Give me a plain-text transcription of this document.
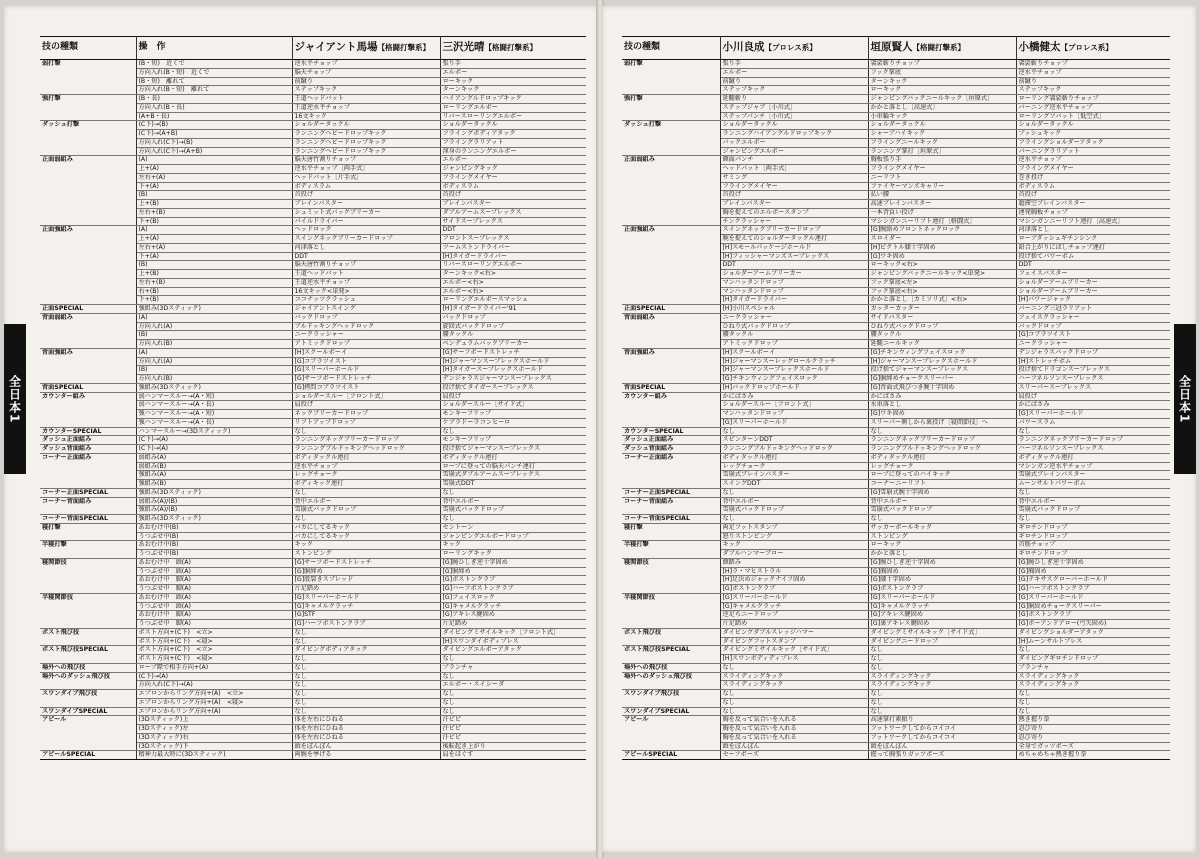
技の種類	操　作	ジャイアント馬場【格闘打撃系】	三沢光晴【格闘打撃系】
弱打撃	(B・短)　近くで	逆水平チョップ	張り手
	方向入れ(B・短)　近くで	脳天チョップ	エルボー
	(B・短)　離れて	前蹴り	ローキック
	方向入れ(B・短)　離れて	ステップキック	ターンキック
強打撃	(B・長)	王道ヘッドバット	ハイアングルドロップキック
	方向入れ(B・長)	王道逆水平チョップ	ローリングエルボー
	(A+B・長)	16文キック	リバースローリングエルボー
ダッシュ打撃	(C下)→(B)	ショルダータックル	ショルダータックル
	(C下)→(A+B)	ランニングヘビードロップキック	フライングボディアタック
	方向入れ(C下)→(B)	ランニングヘビードロップキック	フライングラリアット
	方向入れ(C下)→(A+B)	ランニングヘビードロップキック	渾身のランニングエルボー
正面弱組み	(A)	脳天唐竹割りチョップ	エルボー
	上+(A)	逆水平チョップ［両手式］	ジャンピングキック
	左右+(A)	ヘッドバット［片手式］	フライングメイヤー
	下+(A)	ボディスラム	ボディスラム
	(B)	首投げ	首投げ
	上+(B)	ブレインバスター	ブレインバスター
	左右+(B)	シュミット式バックブリーカー	ダブルアームスープレックス
	下+(B)	パイルドライバー	サイドスープレックス
正面強組み	(A)	ヘッドロック	DDT
	上+(A)	スイングネックブリーカードロップ	フロントスープレックス
	左右+(A)	河津落とし	ツームストンドライバー
	下+(A)	DDT	[H]タイガードライバー
	(B)	脳天唐竹割りチョップ	リバースローリングエルボー
	上+(B)	王道ヘッドバット	ターンキック<右>
	左右+(B)	王道逆水平チョップ	エルボー<右>
	右+(B)	16文キック<単発>	エルボー<右>
	下+(B)	ココナッツクラッシュ	ローリングエルボースマッシュ
正面SPECIAL	強組み(3Dスティック)	ジャイアントスイング	[H]タイガードライバー'91
背面弱組み	(A)	バックドロップ	バックドロップ
	方向入れ(A)	ブルドッキングヘッドロック	旋回式バックドロップ
	(B)	ニークラッシャー	腰タックル
	方向入れ(B)	アトミックドロップ	ベンデュラムバックブリーカー
背面強組み	(A)	[H]スクールボーイ	[G]サーフボードストレッチ
	方向入れ(A)	[G]コブラツイスト	[H]ジャーマンスープレックスホールド
	(B)	[G]スリーパーホールド	[H]タイガースープレックスホールド
	方向入れ(B)	[G]サーフボードストレッチ	デンジャラスジャーマンスープレックス
背面SPECIAL	強組み(3Dスティック)	[G]拷問コブラツイスト	投げ捨てタイガースープレックス
カウンター組み	弱ハンマースルー→(A・短)	ショルダースルー［フロント式］	肩投げ
	弱ハンマースルー→(A・長)	肩投げ	ショルダースルー［サイド式］
	強ハンマースルー→(A・短)	ネックブリーカードロップ	モンキーフリップ
	強ハンマースルー→(A・長)	リフトアップドロップ	ケブラドーラコンヒーロ
カウンターSPECIAL	ハンマースルー→(3Dスティック)	なし	なし
ダッシュ正面組み	(C下)→(A)	ランニングネックブリーカードロップ	モンキーフリップ
ダッシュ背面組み	(C下)→(A)	ランニングブルドッキングヘッドロック	投げ捨てジャーマンスープレックス
コーナー正面組み	弱組み(A)	ボディタックル連打	ボディタックル連打
	弱組み(B)	逆水平チョップ	ロープに登っての脳天パンチ連打
	強組み(A)	レッグチョーク	雪崩式ダブルアームスープレックス
	強組み(B)	ボディキック連打	雪崩式DDT
コーナー正面SPECIAL	強組み(3Dスティック)	なし	なし
コーナー背面組み	弱組み(A)/(B)	背中エルボー	背中エルボー
	強組み(A)/(B)	雪崩式バックドロップ	雪崩式バックドロップ
コーナー背面SPECIAL	強組み(3Dスティック)	なし	なし
寝打撃	あおむけ中(B)	バカにしてるキック	セントーン
	うつぶせ中(B)	バカにしてるキック	ジャンピングエルボードロップ
半寝打撃	あおむけ中(B)	キック	キック
	うつぶせ中(B)	ストンピング	ローリングキック
寝関節技	あおむけ中　頭(A)	[G]サーフボードストレッチ	[G]腕ひしぎ逆十字固め
	うつぶせ中　頭(A)	[G]胴締め	[G]胴締め
	あおむけ中　脚(A)	[G]股裂きスプレッド	[G]ボストンクラブ
	うつぶせ中　脚(A)	片足踏め	[G]ハーフボストンクラブ
半寝関節技	あおむけ中　頭(A)	[G]スリーパーホールド	[G]フェイスロック
	うつぶせ中　頭(A)	[G]キャメルクラッチ	[G]キャメルクラッチ
	あおむけ中　脚(A)	[G]STF	[G]アキレス腱固め
	うつぶせ中　脚(A)	[G]ハーフボストンクラブ	片足踏め
ポスト飛び技	ポスト方向+(C下)　<立>	なし	ダイビングミサイルキック［フロント式］
	ポスト方向+(C下)　<寝>	なし	[H]スワンダイボディプレス
ポスト飛び技SPECIAL	ポスト方向+(C下)　<立>	ダイビングボディアタック	ダイビングエルボーアタック
	ポスト方向+(C下)　<寝>	なし	なし
場外への飛び技	ロープ際で相手方向+(A)	なし	プランチャ
場外へのダッシュ飛び技	(C下)→(A)	なし	なし
	方向入れ(C下)→(A)	なし	エルボー・スイシーダ
スワンダイブ飛び技	エプロンからリング方向+(A)　<立>	なし	なし
	エプロンからリング方向+(A)　<寝>	なし	なし
スワンダイブSPECIAL	エプロンからリング方向+(A)	なし	なし
アピール	(3Dスティック)上	体を左右にひねる	汗ピピ
	(3Dスティック)左	体を左右にひねる	汗ピピ
	(3Dスティック)右	体を左右にひねる	汗ピピ
	(3Dスティック)下	頭をぽんぽん	後転起き上がり
アピールSPECIAL	精神力最大時に(3Dスティック)	両腕を挙げる	肩をほぐす
全日本1
技の種類	小川良成【プロレス系】	垣原賢人【格闘打撃系】	小橋健太【プロレス系】
弱打撃	張り手	袈裟斬りチョップ	袈裟斬りチョップ
	エルボー	フック掌底	逆水平チョップ
	前蹴り	ターンキック	前蹴り
	ステップキック	ローキック	ステップキック
強打撃	延髄斬り	ジャンピングバックニールキック［垣原式］	ローリング袈裟斬りチョップ
	ステップジャブ［小川式］	かかと落とし［高速式］	バーニング逆水平チョップ
	ステップパンチ［小川式］	小車輪キック	ローリングソバット［低空式］
ダッシュ打撃	ショルダータックル	ショルダータックル	ショルダータックル
	ランニングハイアングルドロップキック	シャーブハイキック	プッシュキック
	バックエルボー	フライングニールキック	フライングショルダーアタック
	ジャンピングエルボー	ランニング掌打［垣原式］	バーニングラリアット
正面弱組み	顔面パンチ	胸板張り手	逆水平チョップ
	ヘッドバット［両手式］	フライングメイヤー	フライングメイヤー
	サミング	ニーリフト	巻き投げ
	フライングメイヤー	ファイヤーマンズキャリー	ボディスラム
	首投げ	払い腰	首投げ
	ブレインバスター	高速ブレインバスター	超滞空ブレインバスター
	胸を捉えてのエルボースタンプ	一本背負い投げ	連発胸板チョップ
	チンクラッシャー	マシンガンニーリフト連打［格闘式］	マシンガンニーリフト連打［高速式］
正面強組み	スイングネックブリーカードロップ	[G]腕絡めフロントネックロック	河津落とし
	腕を捉えてのショルダータックル連打	スロイダー	ローブダッシュギチンシンク
	[H]スモールパッケージホールド	[H]ビクトル膝十字固め	鉛合上がりにばしチョップ連打
	[H]フィッシャーマンズスープレックス	[G]ワキ固め	投げ捨てパワーボム
	DDT	ローキック<右>	DDT
	ショルダーアームブリーカー	ジャンピングバックニールキック<単発>	フェイスバスター
	マンハッタンドロップ	フック掌底<左>	ショルダーアームブリーカー
	マンハッタンドロップ	フック掌底<右>	ショルダーアームブリーカー
	[H]タイガードライバー	かかと落とし［カミソリ式］<右>	[H]パワージャック
正面SPECIAL	[H]小川スペシャル	カッターカッター	バーニング三冠ラリアット
背面弱組み	ニークラッシャー	サイドバスター	フェイスクラッシャー
	ひねり式バックドロップ	ひねり式バックドロップ	バックドロップ
	腰タックル	腰タックル	[G]コブラツイスト
	アトミックドロップ	延髄ニールキック	ニークラッシャー
背面強組み	[H]スクールボーイ	[G]チキンウィングフェイスロック	デンジャラスバックドロップ
	[H]ジャーマンスーレッグロールクラッチ	[H]ジャーマンスープレックスホールド	[H]ストレッチボム
	[H]ジャーマンスープレックスホールド	投げ捨てジャーマンスープレックス	投げ捨てドラゴンスープレックス
	[G]チキンウィングフェイスロック	[G]胴締めチョークスリーパー	ハーフネルソンスープレックス
背面SPECIAL	[H]バックドロップホールド	[G]背面式飛びつき腕十字固め	スリーパースープレックス
カウンター組み	かにばさみ	かにばさみ	肩投げ
	ショルダースルー［フロント式］	水車落とし	かにばさみ
	マンハッタンドロップ	[G]ワキ固め	[G]スリーパーホールド
	[G]スリーパーホールド	スリーパー側しから裏投げ［寝間節技］へ	パワースラム
カウンターSPECIAL	なし	なし	なし
ダッシュ正面組み	スピンターンDDT	ランニングネックブリーカードロップ	ランニングネックブリーカードロップ
ダッシュ背面組み	ランニングブルドッキングヘッドロック	ランニングブルドッキングヘッドロック	ハーフネルソンスープレックス
コーナー正面組み	ボディタックル連打	ボディタックル連打	ボディタックル連打
	レッグチョーク	レッグチョーク	マシンガン逆水平チョップ
	雪崩式ブレインバスター	ロープに登ってのハイキック	雪崩式ブレインバスター
	スイングDDT	コーナーニーリフト	ムーンサルトパワーボム
コーナー正面SPECIAL	なし	[G]雪崩式腕十字固め	なし
コーナー背面組み	背中エルボー	背中エルボー	背中エルボー
	雪崩式バックドロップ	雪崩式バックドロップ	雪崩式バックドロップ
コーナー背面SPECIAL	なし	なし	なし
寝打撃	両足フットスタンプ	サッカーボールキック	ギロチンドロップ
	怒りストンピング	ストンピング	ギロチンドロップ
半寝打撃	キック	ローキック	首筋チョップ
	ダブルハンマーブロー	かかと落とし	ギロチンドロップ
寝関節技	顔踏み	[G]腕ひしぎ逆十字固め	[G]腕ひしぎ逆十字固め
	[H]ラ・マヒストラル	[G]胸固め	[G]胸固め
	[H]足決めジャックナイフ固め	[G]膝十字固め	[G]テキサスクローバーホールド
	[G]ボストンクラブ	[G]ボストンクラブ	[G]ハーフボストンクラブ
半寝関節技	[G]スリーパーホールド	[G]スリーパーホールド	[G]スリーパーホールド
	[G]キャメルクラッチ	[G]キャメルクラッチ	[G]胴絞めチョークスリーパー
	逆足ちニードロップ	[G]アキレス腱固め	[G]ボストンクラブ
	片足踏め	[G]裏アキレス腱固め	[G]ボーアンドアロー(弓矢固め)
ポスト飛び技	ダイビングダブルスレッジハマー	ダイビングミサイルキック［サイド式］	ダイビングショルダーアタック
	ダイビングフットスタンプ	ダイビングニードロップ	[H]ムーンサルトプレス
ポスト飛び技SPECIAL	ダイビングミサイルキック［サイド式］	なし	なし
	[H]スワンボディディプレス	なし	ダイビングギロチンドロップ
場外への飛び技	なし	なし	プランチャ
場外へのダッシュ飛び技	スライディングキック	スライディングキック	スライディングキック
	スライディングキック	スライディングキック	スライディングキック
スワンダイブ飛び技	なし	なし	なし
	なし	なし	なし
スワンダイブSPECIAL	なし	なし	なし
アピール	胸を反って気合いを入れる	高速掌打素振り	熱き握り拳
	胸を反って気合いを入れる	フットワークしてからコイコイ	忍び寄り
	胸を反って気合いを入れる	フットワークしてからコイコイ	忍び寄り
	頭をぽんぽん	頭をぽんぽん	全身でガッツポーズ
アピールSPECIAL	セーフポーズ	握って胸張りガッツポーズ	めちゃめちゃ熱き握り拳
全日本1
